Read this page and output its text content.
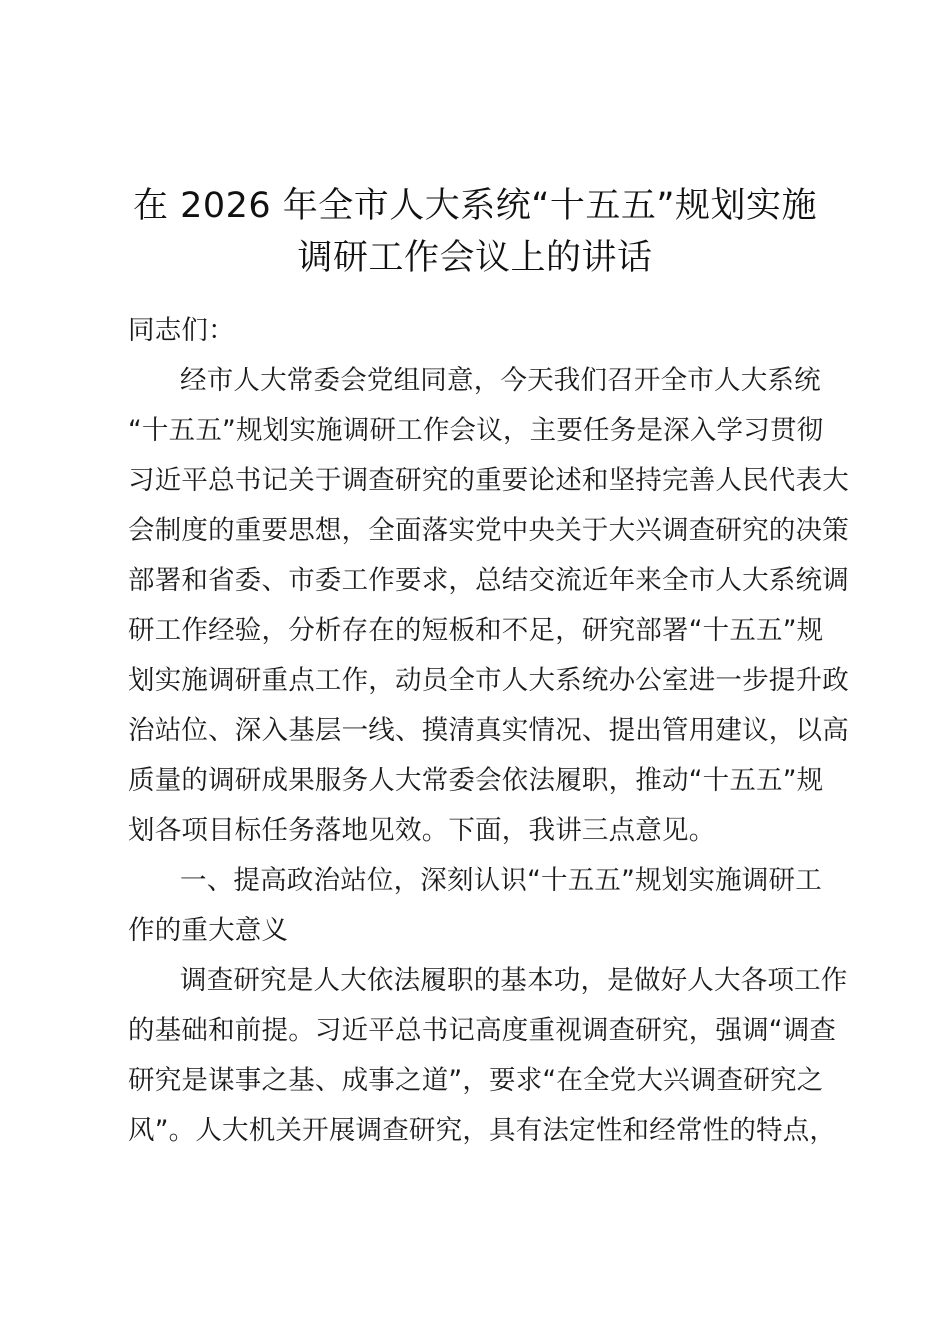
在 2026 年全市人大系统“十五五”规划实施
调研工作会议上的讲话
同志们：
经市人大常委会党组同意，今天我们召开全市人大系统
“十五五”规划实施调研工作会议，主要任务是深入学习贯彻
习近平总书记关于调查研究的重要论述和坚持完善人民代表大
会制度的重要思想，全面落实党中央关于大兴调查研究的决策
部署和省委、市委工作要求，总结交流近年来全市人大系统调
研工作经验，分析存在的短板和不足，研究部署“十五五”规
划实施调研重点工作，动员全市人大系统办公室进一步提升政
治站位、深入基层一线、摸清真实情况、提出管用建议，以高
质量的调研成果服务人大常委会依法履职，推动“十五五”规
划各项目标任务落地见效。下面，我讲三点意见。
一、提高政治站位，深刻认识“十五五”规划实施调研工
作的重大意义
调查研究是人大依法履职的基本功，是做好人大各项工作
的基础和前提。习近平总书记高度重视调查研究，强调“调查
研究是谋事之基、成事之道”，要求“在全党大兴调查研究之
风”。人大机关开展调查研究，具有法定性和经常性的特点，
